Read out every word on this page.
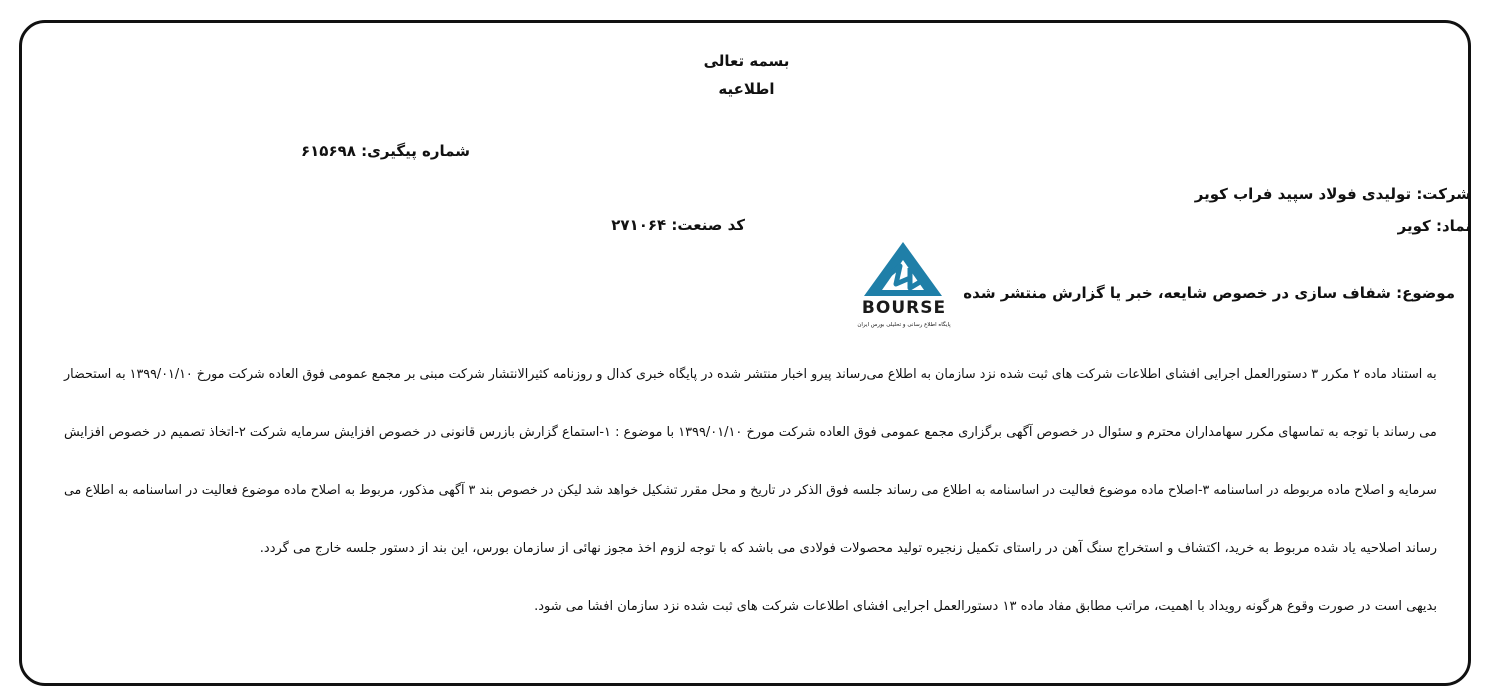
بسمه تعالی
اطلاعیه
شماره پیگیری: ۶۱۵۶۹۸
شرکت: تولیدی فولاد سپید فراب کویر
نماد: کویر
کد صنعت: ۲۷۱۰۶۴
موضوع: شفاف سازی در خصوص شایعه، خبر یا گزارش منتشر شده
BOURSE
پایگاه اطلاع رسانی و تحلیلی بورس ایران
به استناد ماده ۲ مکرر ۳ دستورالعمل اجرایی افشای اطلاعات شرکت های ثبت شده نزد سازمان به اطلاع می‌رساند پیرو اخبار منتشر شده در پایگاه خبری کدال و روزنامه کثیرالانتشار شرکت مبنی بر مجمع عمومی فوق العاده شرکت مورخ ۱۳۹۹/۰۱/۱۰ به استحضار
می رساند با توجه به تماسهای مکرر سهامداران محترم و سئوال در خصوص آگهی برگزاری مجمع عمومی فوق العاده شرکت مورخ ۱۳۹۹/۰۱/۱۰ با موضوع : ۱-استماع گزارش بازرس قانونی در خصوص افزایش سرمایه شرکت ۲-اتخاذ تصمیم در خصوص افزایش
سرمایه و اصلاح ماده مربوطه در اساسنامه ۳-اصلاح ماده موضوع فعالیت در اساسنامه به اطلاع می رساند جلسه فوق الذکر در تاریخ و محل مقرر تشکیل خواهد شد لیکن در خصوص بند ۳ آگهی مذکور، مربوط به اصلاح ماده موضوع فعالیت در اساسنامه به اطلاع می
رساند اصلاحیه یاد شده مربوط به خرید، اکتشاف و استخراج سنگ آهن در راستای تکمیل زنجیره تولید محصولات فولادی می باشد که با توجه لزوم اخذ مجوز نهائی از سازمان بورس، این بند از دستور جلسه خارج می گردد.
بدیهی است در صورت وقوع هرگونه رویداد با اهمیت، مراتب مطابق مفاد ماده ۱۳ دستورالعمل اجرایی افشای اطلاعات شرکت های ثبت شده نزد سازمان افشا می شود.
